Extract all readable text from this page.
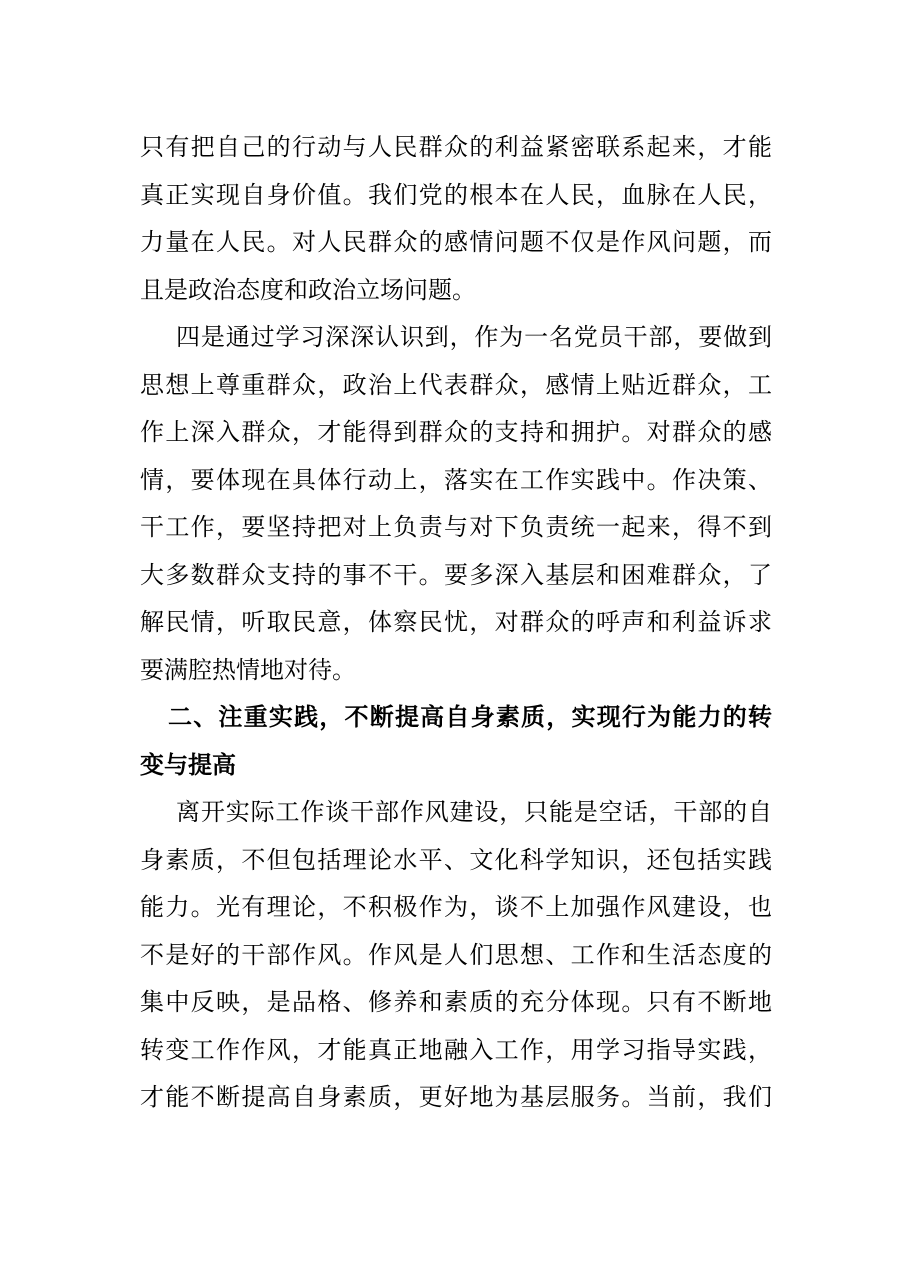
只有把自己的行动与人民群众的利益紧密联系起来，才能
真正实现自身价值。我们党的根本在人民，血脉在人民，
力量在人民。对人民群众的感情问题不仅是作风问题，而
且是政治态度和政治立场问题。
四是通过学习深深认识到，作为一名党员干部，要做到
思想上尊重群众，政治上代表群众，感情上贴近群众，工
作上深入群众，才能得到群众的支持和拥护。对群众的感
情，要体现在具体行动上，落实在工作实践中。作决策、
干工作，要坚持把对上负责与对下负责统一起来，得不到
大多数群众支持的事不干。要多深入基层和困难群众，了
解民情，听取民意，体察民忧，对群众的呼声和利益诉求
要满腔热情地对待。
二、注重实践，不断提高自身素质，实现行为能力的转
变与提高
离开实际工作谈干部作风建设，只能是空话，干部的自
身素质，不但包括理论水平、文化科学知识，还包括实践
能力。光有理论，不积极作为，谈不上加强作风建设，也
不是好的干部作风。作风是人们思想、工作和生活态度的
集中反映，是品格、修养和素质的充分体现。只有不断地
转变工作作风，才能真正地融入工作，用学习指导实践，
才能不断提高自身素质，更好地为基层服务。当前，我们
